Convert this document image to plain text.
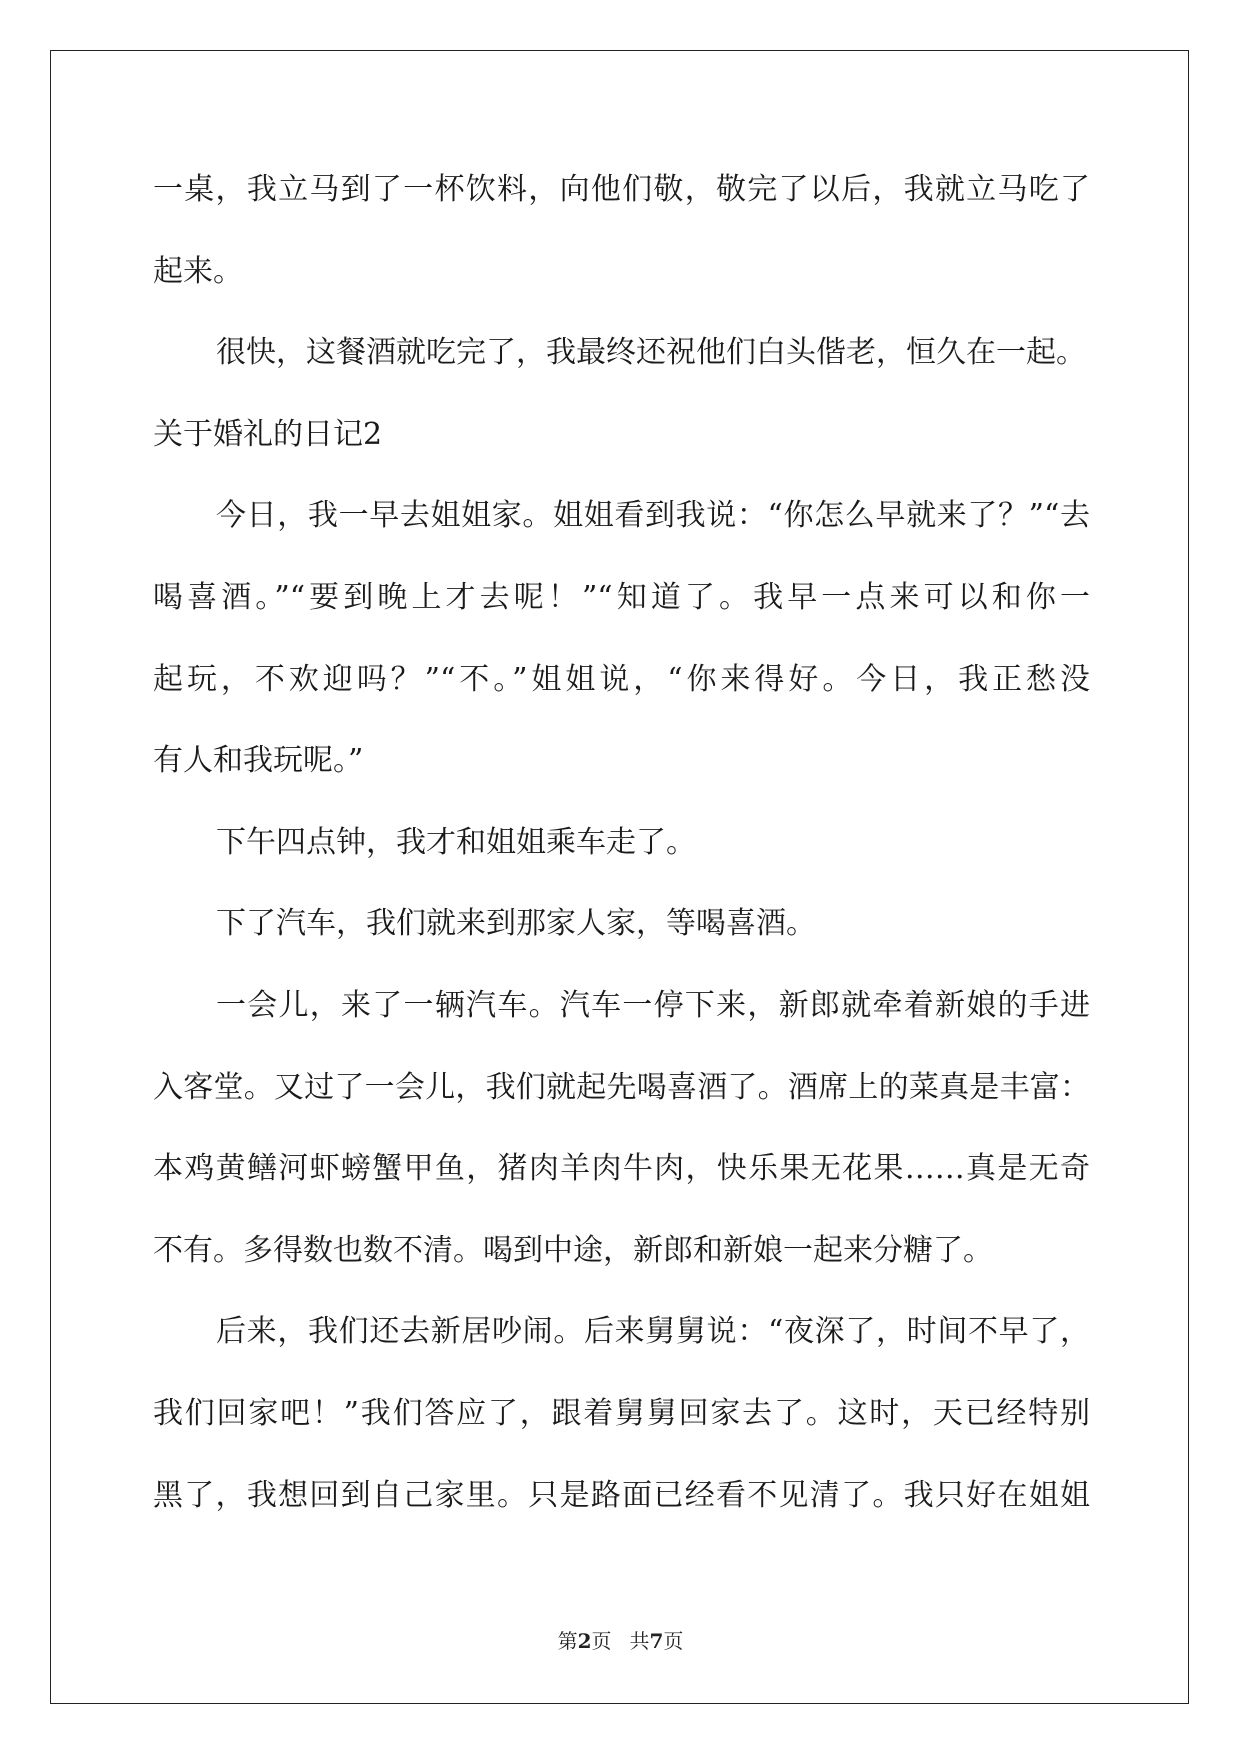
一桌，我立马到了一杯饮料，向他们敬，敬完了以后，我就立马吃了
起来。
很快，这餐酒就吃完了，我最终还祝他们白头偕老，恒久在一起。
关于婚礼的日记2
今日，我一早去姐姐家。姐姐看到我说：“你怎么早就来了？”“去
喝喜酒。”“要到晚上才去呢！”“知道了。我早一点来可以和你一
起玩，不欢迎吗？”“不。”姐姐说，“你来得好。今日，我正愁没
有人和我玩呢。”
下午四点钟，我才和姐姐乘车走了。
下了汽车，我们就来到那家人家，等喝喜酒。
一会儿，来了一辆汽车。汽车一停下来，新郎就牵着新娘的手进
入客堂。又过了一会儿，我们就起先喝喜酒了。酒席上的菜真是丰富：
本鸡黄鳝河虾螃蟹甲鱼，猪肉羊肉牛肉，快乐果无花果……真是无奇
不有。多得数也数不清。喝到中途，新郎和新娘一起来分糖了。
后来，我们还去新居吵闹。后来舅舅说：“夜深了，时间不早了，
我们回家吧！”我们答应了，跟着舅舅回家去了。这时，天已经特别
黑了，我想回到自己家里。只是路面已经看不见清了。我只好在姐姐
第2页 共7页
